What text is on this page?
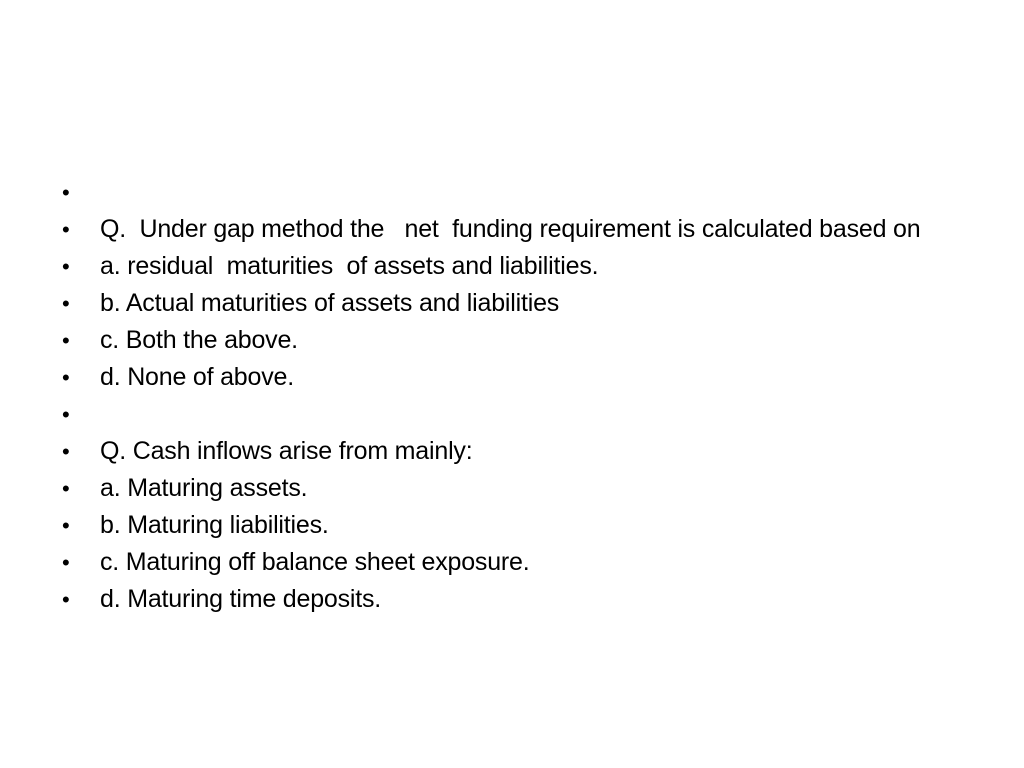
•
• Q.  Under gap method the   net  funding requirement is calculated based on
• a. residual  maturities  of assets and liabilities.
• b. Actual maturities of assets and liabilities
• c. Both the above.
• d. None of above.
•
• Q. Cash inflows arise from mainly:
• a. Maturing assets.
• b. Maturing liabilities.
• c. Maturing off balance sheet exposure.
• d. Maturing time deposits.
